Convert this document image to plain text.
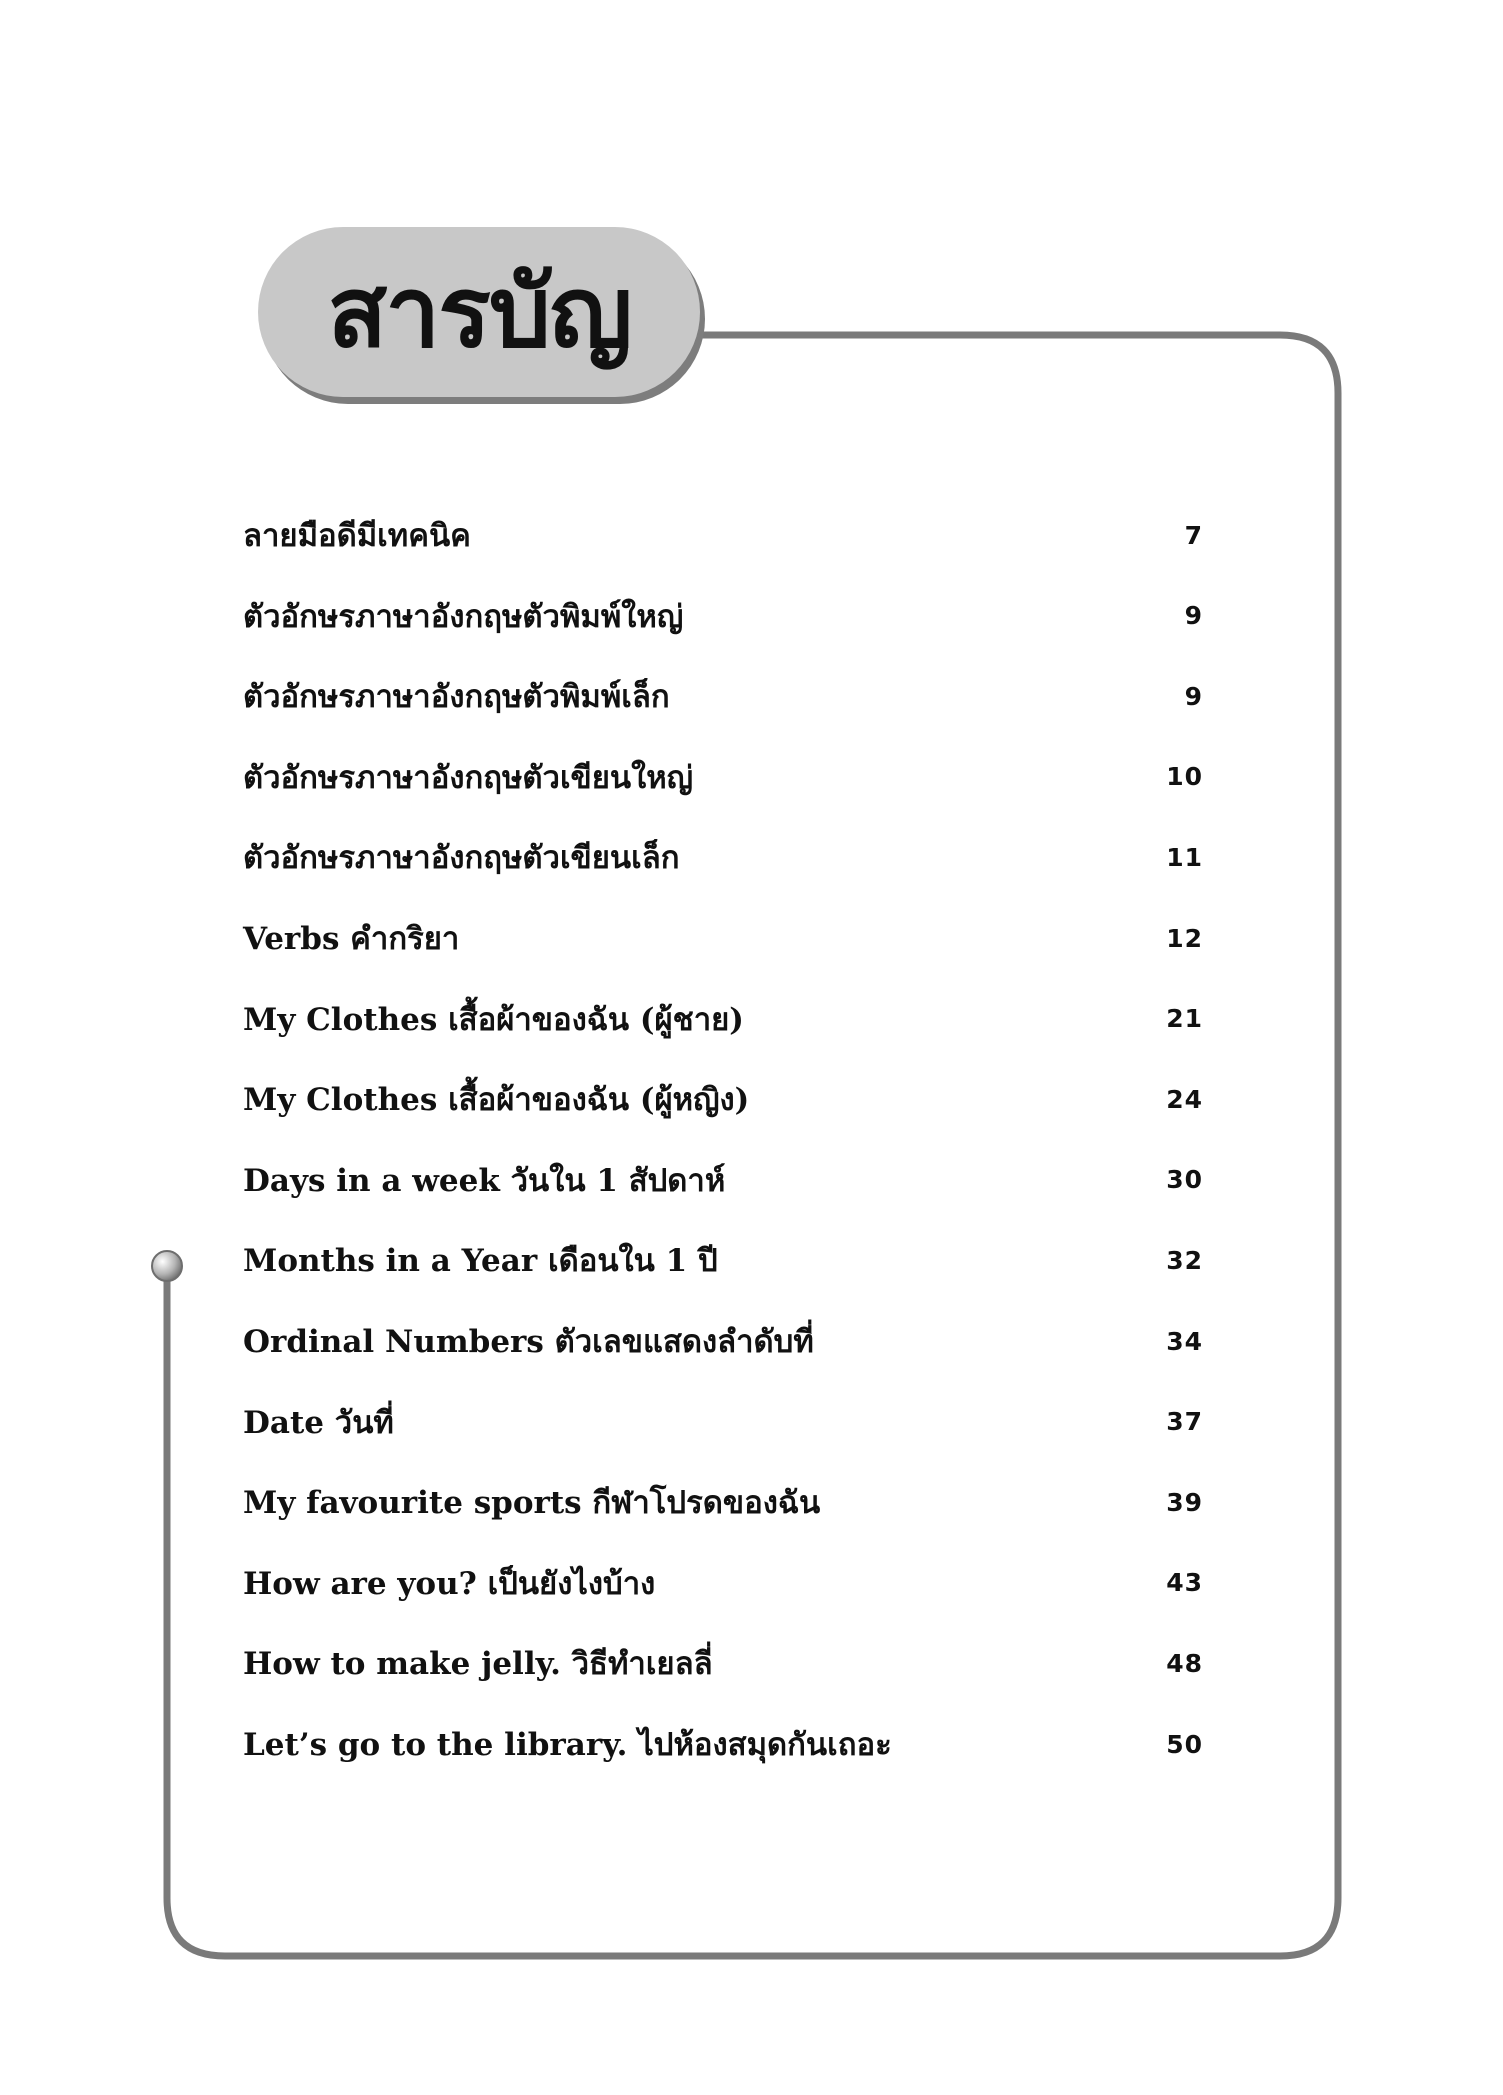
สารบัญ
ลายมือดีมีเทคนิค	7
ตัวอักษรภาษาอังกฤษตัวพิมพ์ใหญ่	9
ตัวอักษรภาษาอังกฤษตัวพิมพ์เล็ก	9
ตัวอักษรภาษาอังกฤษตัวเขียนใหญ่	10
ตัวอักษรภาษาอังกฤษตัวเขียนเล็ก	11
Verbs คำกริยา	12
My Clothes เสื้อผ้าของฉัน (ผู้ชาย)	21
My Clothes เสื้อผ้าของฉัน (ผู้หญิง)	24
Days in a week วันใน 1 สัปดาห์	30
Months in a Year เดือนใน 1 ปี	32
Ordinal Numbers ตัวเลขแสดงลำดับที่	34
Date วันที่	37
My favourite sports กีฬาโปรดของฉัน	39
How are you? เป็นยังไงบ้าง	43
How to make jelly. วิธีทำเยลลี่	48
Let’s go to the library. ไปห้องสมุดกันเถอะ	50
